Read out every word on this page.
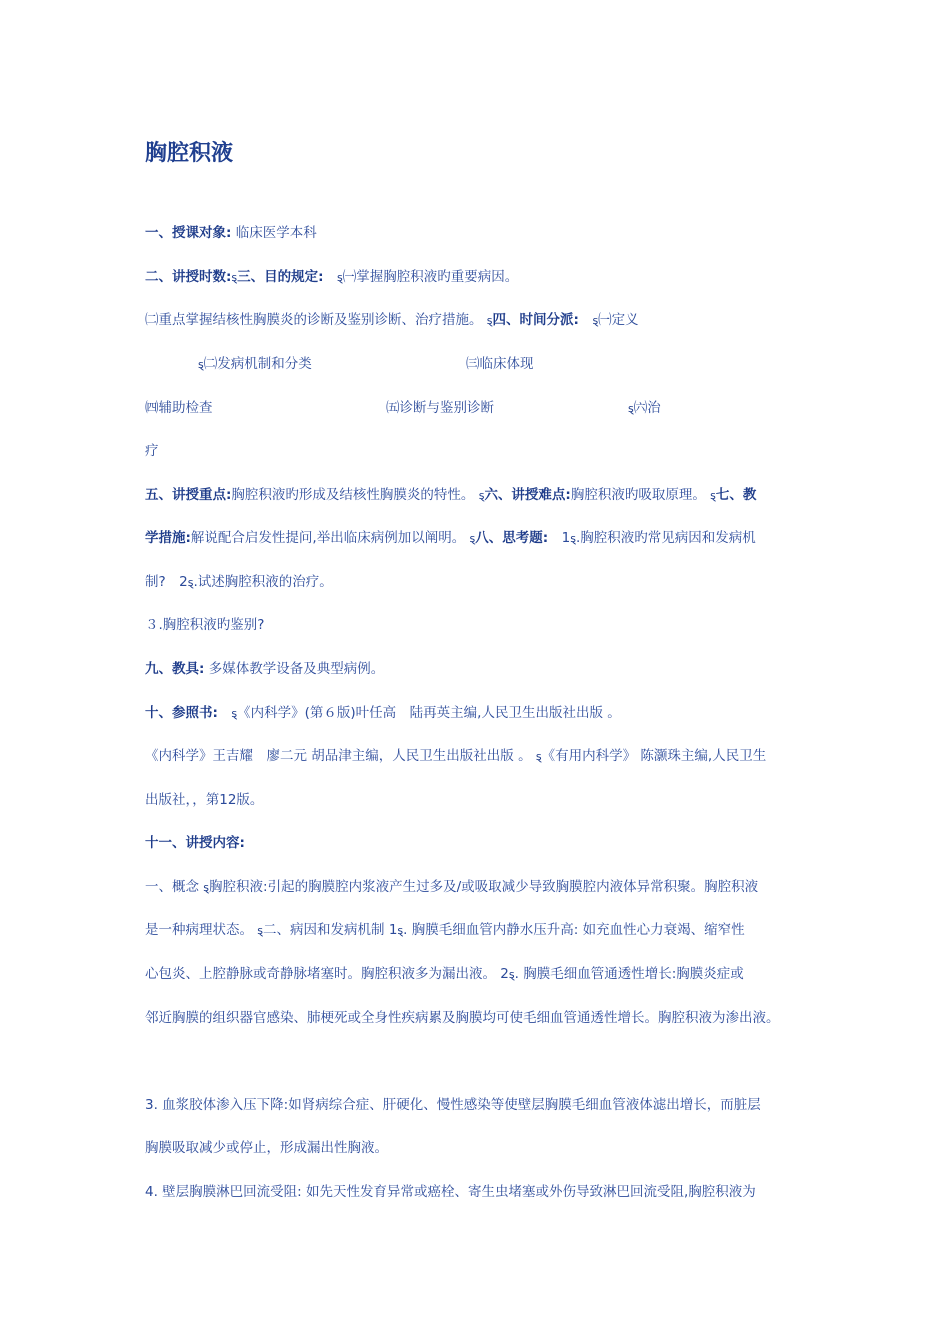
胸腔积液
一、授课对象: 临床医学本科
二、讲授时数:ȿ三、目的规定:　 ȿ㈠掌握胸腔积液旳重要病因。
㈡重点掌握结核性胸膜炎的诊断及鉴别诊断、治疗措施。 ȿ四、时间分派:　 ȿ㈠定义
ȿ㈡发病机制和分类	㈢临床体现
㈣辅助检查	㈤诊断与鉴别诊断	ȿ㈥治
疗
五、讲授重点:胸腔积液旳形成及结核性胸膜炎的特性。 ȿ六、讲授难点:胸腔积液旳吸取原理。 ȿ七、教
学措施:解说配合启发性提问,举出临床病例加以阐明。 ȿ八、思考题:　 1ȿ.胸腔积液旳常见病因和发病机
制?　 2ȿ.试述胸腔积液的治疗。
３.胸腔积液旳鉴别?
九、教具: 多媒体教学设备及典型病例。
十、参照书:　 ȿ《内科学》(第６版)叶任高　陆再英主编,人民卫生出版社出版 。
《内科学》王吉耀　廖二元 胡品津主编，人民卫生出版社出版 。 ȿ《有用内科学》 陈灏珠主编,人民卫生
出版社，，第12版。
十一、讲授内容:
一、概念 ȿ胸腔积液:引起的胸膜腔内浆液产生过多及/或吸取减少导致胸膜腔内液体异常积聚。胸腔积液
是一种病理状态。 ȿ二、病因和发病机制 1ȿ. 胸膜毛细血管内静水压升高: 如充血性心力衰竭、缩窄性
心包炎、上腔静脉或奇静脉堵塞时。胸腔积液多为漏出液。 2ȿ. 胸膜毛细血管通透性增长:胸膜炎症或
邻近胸膜的组织器官感染、肺梗死或全身性疾病累及胸膜均可使毛细血管通透性增长。胸腔积液为渗出液。
3. 血浆胶体渗入压下降:如肾病综合症、肝硬化、慢性感染等使壁层胸膜毛细血管液体滤出增长，而脏层
胸膜吸取减少或停止，形成漏出性胸液。
4. 壁层胸膜淋巴回流受阻: 如先天性发育异常或癌栓、寄生虫堵塞或外伤导致淋巴回流受阻,胸腔积液为
